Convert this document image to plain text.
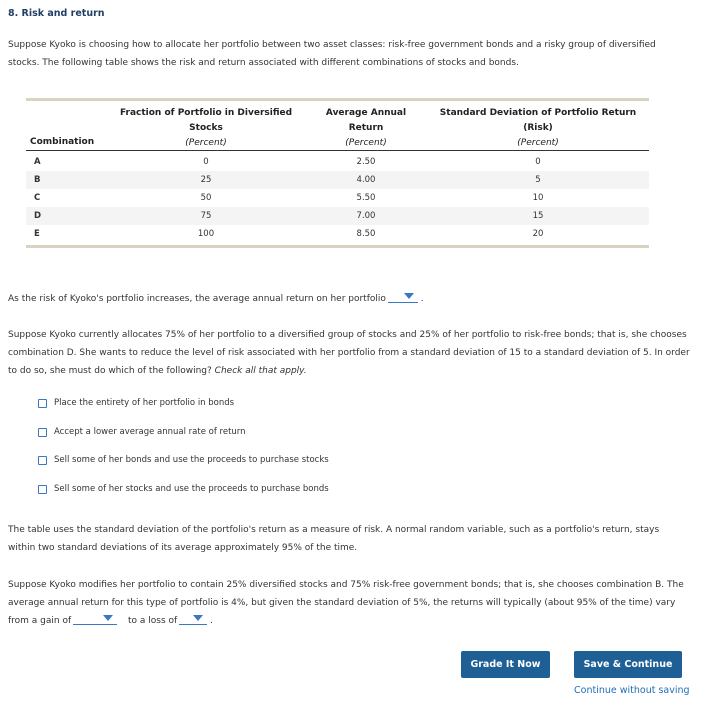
8. Risk and return
Suppose Kyoko is choosing how to allocate her portfolio between two asset classes: risk-free government bonds and a risky group of diversified stocks. The following table shows the risk and return associated with different combinations of stocks and bonds.
Combination
Fraction of Portfolio in Diversified
Stocks
(Percent)
Average Annual
Return
(Percent)
Standard Deviation of Portfolio Return
(Risk)
(Percent)
A	0	2.50	0
B	25	4.00	5
C	50	5.50	10
D	75	7.00	15
E	100	8.50	20
As the risk of Kyoko's portfolio increases, the average annual return on her portfolio	.
Suppose Kyoko currently allocates 75% of her portfolio to a diversified group of stocks and 25% of her portfolio to risk-free bonds; that is, she chooses combination D. She wants to reduce the level of risk associated with her portfolio from a standard deviation of 15 to a standard deviation of 5. In order to do so, she must do which of the following? Check all that apply.
Place the entirety of her portfolio in bonds
Accept a lower average annual rate of return
Sell some of her bonds and use the proceeds to purchase stocks
Sell some of her stocks and use the proceeds to purchase bonds
The table uses the standard deviation of the portfolio's return as a measure of risk. A normal random variable, such as a portfolio's return, stays within two standard deviations of its average approximately 95% of the time.
Suppose Kyoko modifies her portfolio to contain 25% diversified stocks and 75% risk-free government bonds; that is, she chooses combination B. The average annual return for this type of portfolio is 4%, but given the standard deviation of 5%, the returns will typically (about 95% of the time) vary
from a gain of	to a loss of	.
Grade It Now	Save & Continue
Continue without saving
